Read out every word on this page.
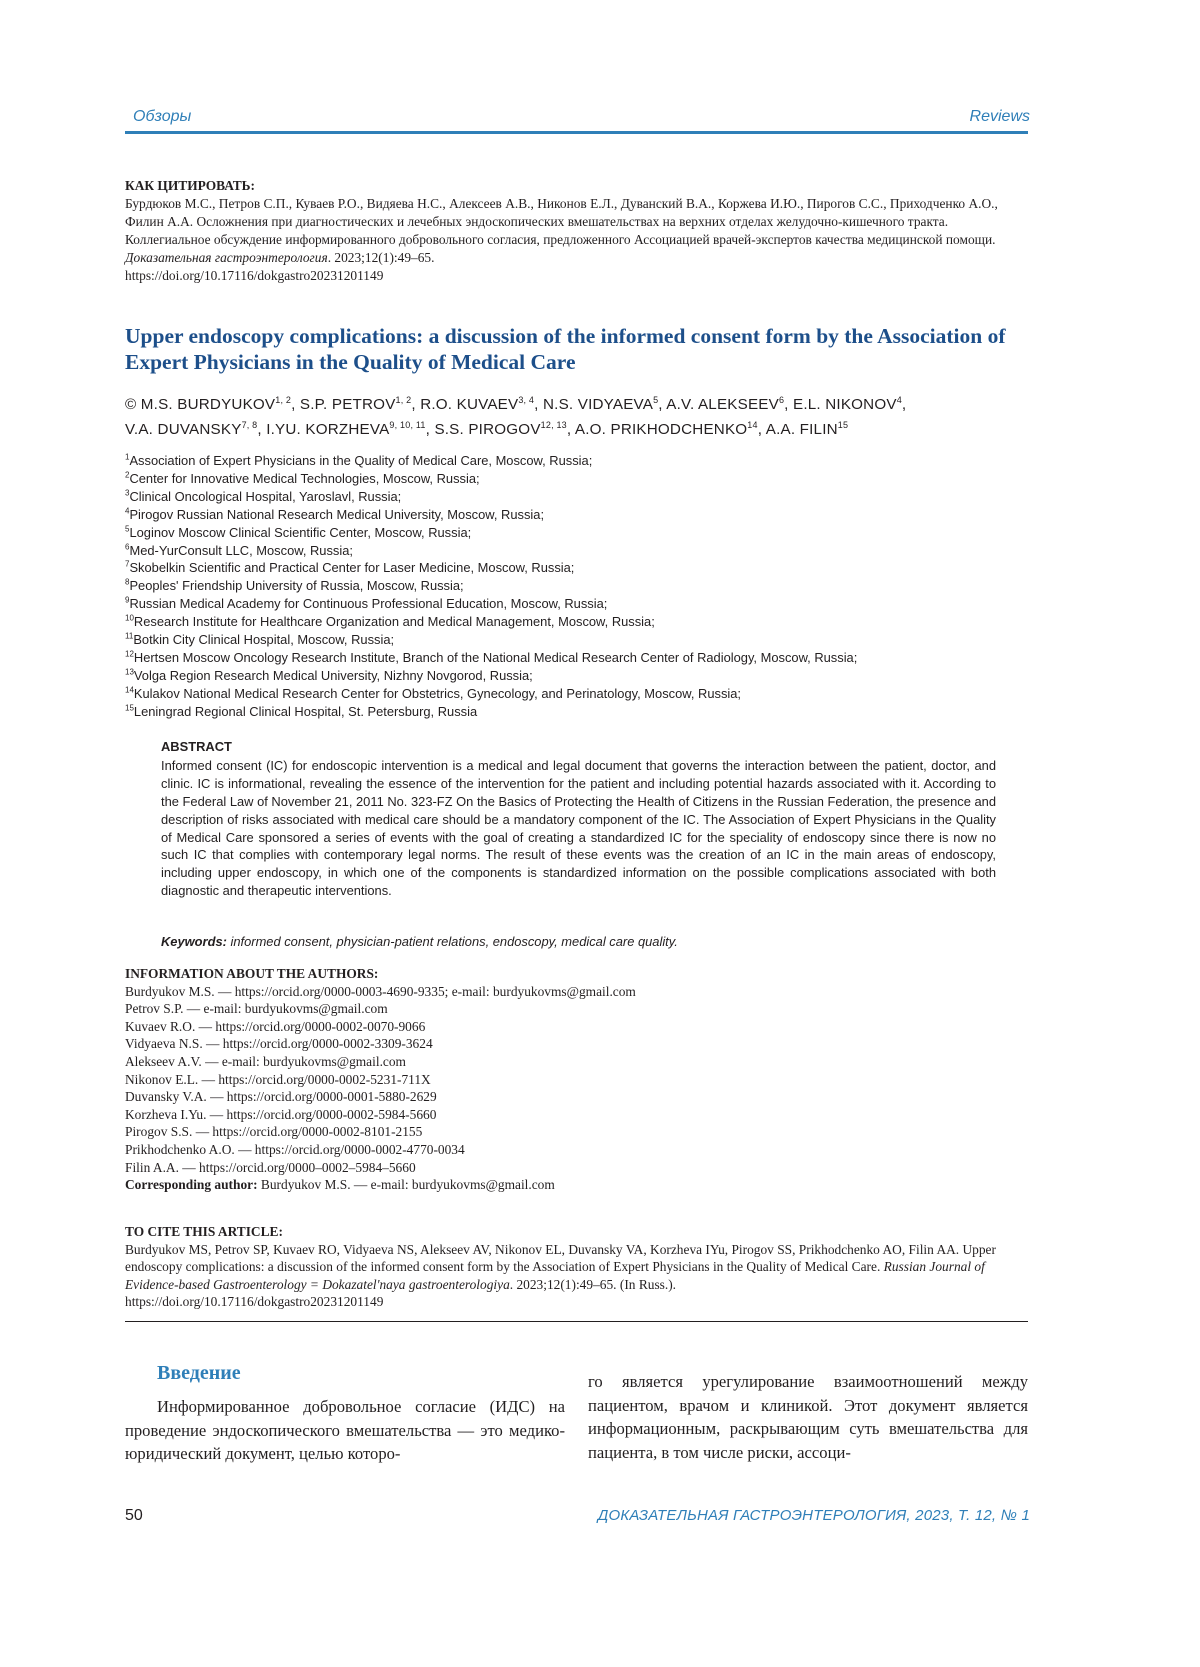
Обзоры	Reviews
КАК ЦИТИРОВАТЬ:
Бурдюков М.С., Петров С.П., Куваев Р.О., Видяева Н.С., Алексеев А.В., Никонов Е.Л., Дуванский В.А., Коржева И.Ю., Пирогов С.С., Приходченко А.О., Филин А.А. Осложнения при диагностических и лечебных эндоскопических вмешательствах на верхних отделах желудочно-кишечного тракта. Коллегиальное обсуждение информированного добровольного согласия, предложенного Ассоциацией врачей-экспертов качества медицинской помощи. Доказательная гастроэнтерология. 2023;12(1):49–65.
https://doi.org/10.17116/dokgastro20231201149
Upper endoscopy complications: a discussion of the informed consent form by the Association of Expert Physicians in the Quality of Medical Care
© M.S. BURDYUKOV$^{1, 2}$, S.P. PETROV$^{1, 2}$, R.O. KUVAEV$^{3, 4}$, N.S. VIDYAEVA$^5$, A.V. ALEKSEEV$^6$, E.L. NIKONOV$^4$,
V.A. DUVANSKY$^{7, 8}$, I.YU. KORZHEVA$^{9, 10, 11}$, S.S. PIROGOV$^{12, 13}$, A.O. PRIKHODCHENKO$^{14}$, A.A. FILIN$^{15}$
$^1$Association of Expert Physicians in the Quality of Medical Care, Moscow, Russia;
$^2$Center for Innovative Medical Technologies, Moscow, Russia;
$^3$Clinical Oncological Hospital, Yaroslavl, Russia;
$^4$Pirogov Russian National Research Medical University, Moscow, Russia;
$^5$Loginov Moscow Clinical Scientific Center, Moscow, Russia;
$^6$Med-YurConsult LLC, Moscow, Russia;
$^7$Skobelkin Scientific and Practical Center for Laser Medicine, Moscow, Russia;
$^8$Peoples' Friendship University of Russia, Moscow, Russia;
$^9$Russian Medical Academy for Continuous Professional Education, Moscow, Russia;
$^{10}$Research Institute for Healthcare Organization and Medical Management, Moscow, Russia;
$^{11}$Botkin City Clinical Hospital, Moscow, Russia;
$^{12}$Hertsen Moscow Oncology Research Institute, Branch of the National Medical Research Center of Radiology, Moscow, Russia;
$^{13}$Volga Region Research Medical University, Nizhny Novgorod, Russia;
$^{14}$Kulakov National Medical Research Center for Obstetrics, Gynecology, and Perinatology, Moscow, Russia;
$^{15}$Leningrad Regional Clinical Hospital, St. Petersburg, Russia
ABSTRACT
Informed consent (IC) for endoscopic intervention is a medical and legal document that governs the interaction between the patient, doctor, and clinic. IC is informational, revealing the essence of the intervention for the patient and including potential hazards associated with it. According to the Federal Law of November 21, 2011 No. 323-FZ On the Basics of Protecting the Health of Citizens in the Russian Federation, the presence and description of risks associated with medical care should be a mandatory component of the IC. The Association of Expert Physicians in the Quality of Medical Care sponsored a series of events with the goal of creating a standardized IC for the speciality of endoscopy since there is now no such IC that complies with contemporary legal norms. The result of these events was the creation of an IC in the main areas of endoscopy, including upper endoscopy, in which one of the components is standardized information on the possible complications associated with both diagnostic and therapeutic interventions.
Keywords: informed consent, physician-patient relations, endoscopy, medical care quality.
INFORMATION ABOUT THE AUTHORS:
Burdyukov M.S. — https://orcid.org/0000-0003-4690-9335; e-mail: burdyukovms@gmail.com
Petrov S.P. — e-mail: burdyukovms@gmail.com
Kuvaev R.O. — https://orcid.org/0000-0002-0070-9066
Vidyaeva N.S. — https://orcid.org/0000-0002-3309-3624
Alekseev A.V. — e-mail: burdyukovms@gmail.com
Nikonov E.L. — https://orcid.org/0000-0002-5231-711X
Duvansky V.A. — https://orcid.org/0000-0001-5880-2629
Korzheva I.Yu. — https://orcid.org/0000-0002-5984-5660
Pirogov S.S. — https://orcid.org/0000-0002-8101-2155
Prikhodchenko A.O. — https://orcid.org/0000-0002-4770-0034
Filin A.A. — https://orcid.org/0000–0002–5984–5660
Corresponding author: Burdyukov M.S. — e-mail: burdyukovms@gmail.com
TO CITE THIS ARTICLE:
Burdyukov MS, Petrov SP, Kuvaev RO, Vidyaeva NS, Alekseev AV, Nikonov EL, Duvansky VA, Korzheva IYu, Pirogov SS, Prikhodchenko AO, Filin AA. Upper endoscopy complications: a discussion of the informed consent form by the Association of Expert Physicians in the Quality of Medical Care. Russian Journal of Evidence-based Gastroenterology = Dokazatel'naya gastroenterologiya. 2023;12(1):49–65. (In Russ.).
https://doi.org/10.17116/dokgastro20231201149
Введение
Информированное добровольное согласие (ИДС) на проведение эндоскопического вмешательства — это медико-юридический документ, целью которо-
го является урегулирование взаимоотношений между пациентом, врачом и клиникой. Этот документ является информационным, раскрывающим суть вмешательства для пациента, в том числе риски, ассоци-
50	ДОКАЗАТЕЛЬНАЯ ГАСТРОЭНТЕРОЛОГИЯ, 2023, Т. 12, № 1
